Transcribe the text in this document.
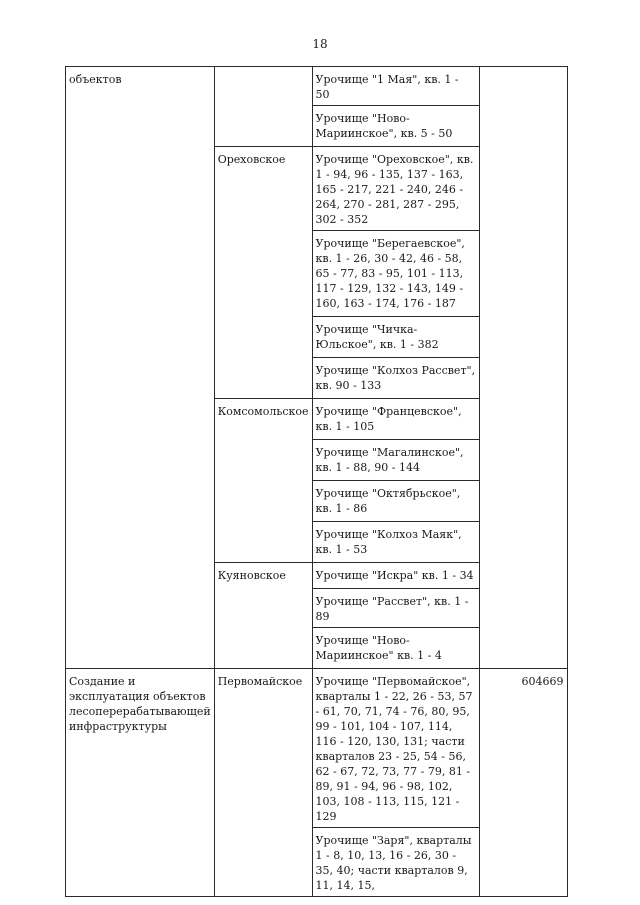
18
объектов		Урочище "1 Мая", кв. 1 - 50	
		Урочище "Ново-Мариинское", кв. 5 - 50	
	Ореховское	Урочище "Ореховское", кв. 1 - 94, 96 - 135, 137 - 163, 165 - 217, 221 - 240, 246 - 264, 270 - 281, 287 - 295, 302 - 352	
		Урочище "Берегаевское", кв. 1 - 26, 30 - 42, 46 - 58, 65 - 77, 83 - 95, 101 - 113, 117 - 129, 132 - 143, 149 - 160, 163 - 174, 176 - 187	
		Урочище "Чичка-Юльское", кв. 1 - 382	
		Урочище "Колхоз Рассвет", кв. 90 - 133	
	Комсомольское	Урочище "Францевское", кв. 1 - 105	
		Урочище "Магалинское", кв. 1 - 88, 90 - 144	
		Урочище "Октябрьское", кв. 1 - 86	
		Урочище "Колхоз Маяк", кв. 1 - 53	
	Куяновское	Урочище "Искра" кв. 1 - 34	
		Урочище "Рассвет", кв. 1 - 89	
		Урочище "Ново-Мариинское" кв. 1 - 4	
Создание и эксплуатация объектов лесоперерабатывающей инфраструктуры	Первомайское	Урочище "Первомайское", кварталы 1 - 22, 26 - 53, 57 - 61, 70, 71, 74 - 76, 80, 95, 99 - 101, 104 - 107, 114, 116 - 120, 130, 131; части кварталов 23 - 25, 54 - 56, 62 - 67, 72, 73, 77 - 79, 81 - 89, 91 - 94, 96 - 98, 102, 103, 108 - 113, 115, 121 - 129	604669
		Урочище "Заря", кварталы 1 - 8, 10, 13, 16 - 26, 30 - 35, 40; части кварталов 9, 11, 14, 15,	
